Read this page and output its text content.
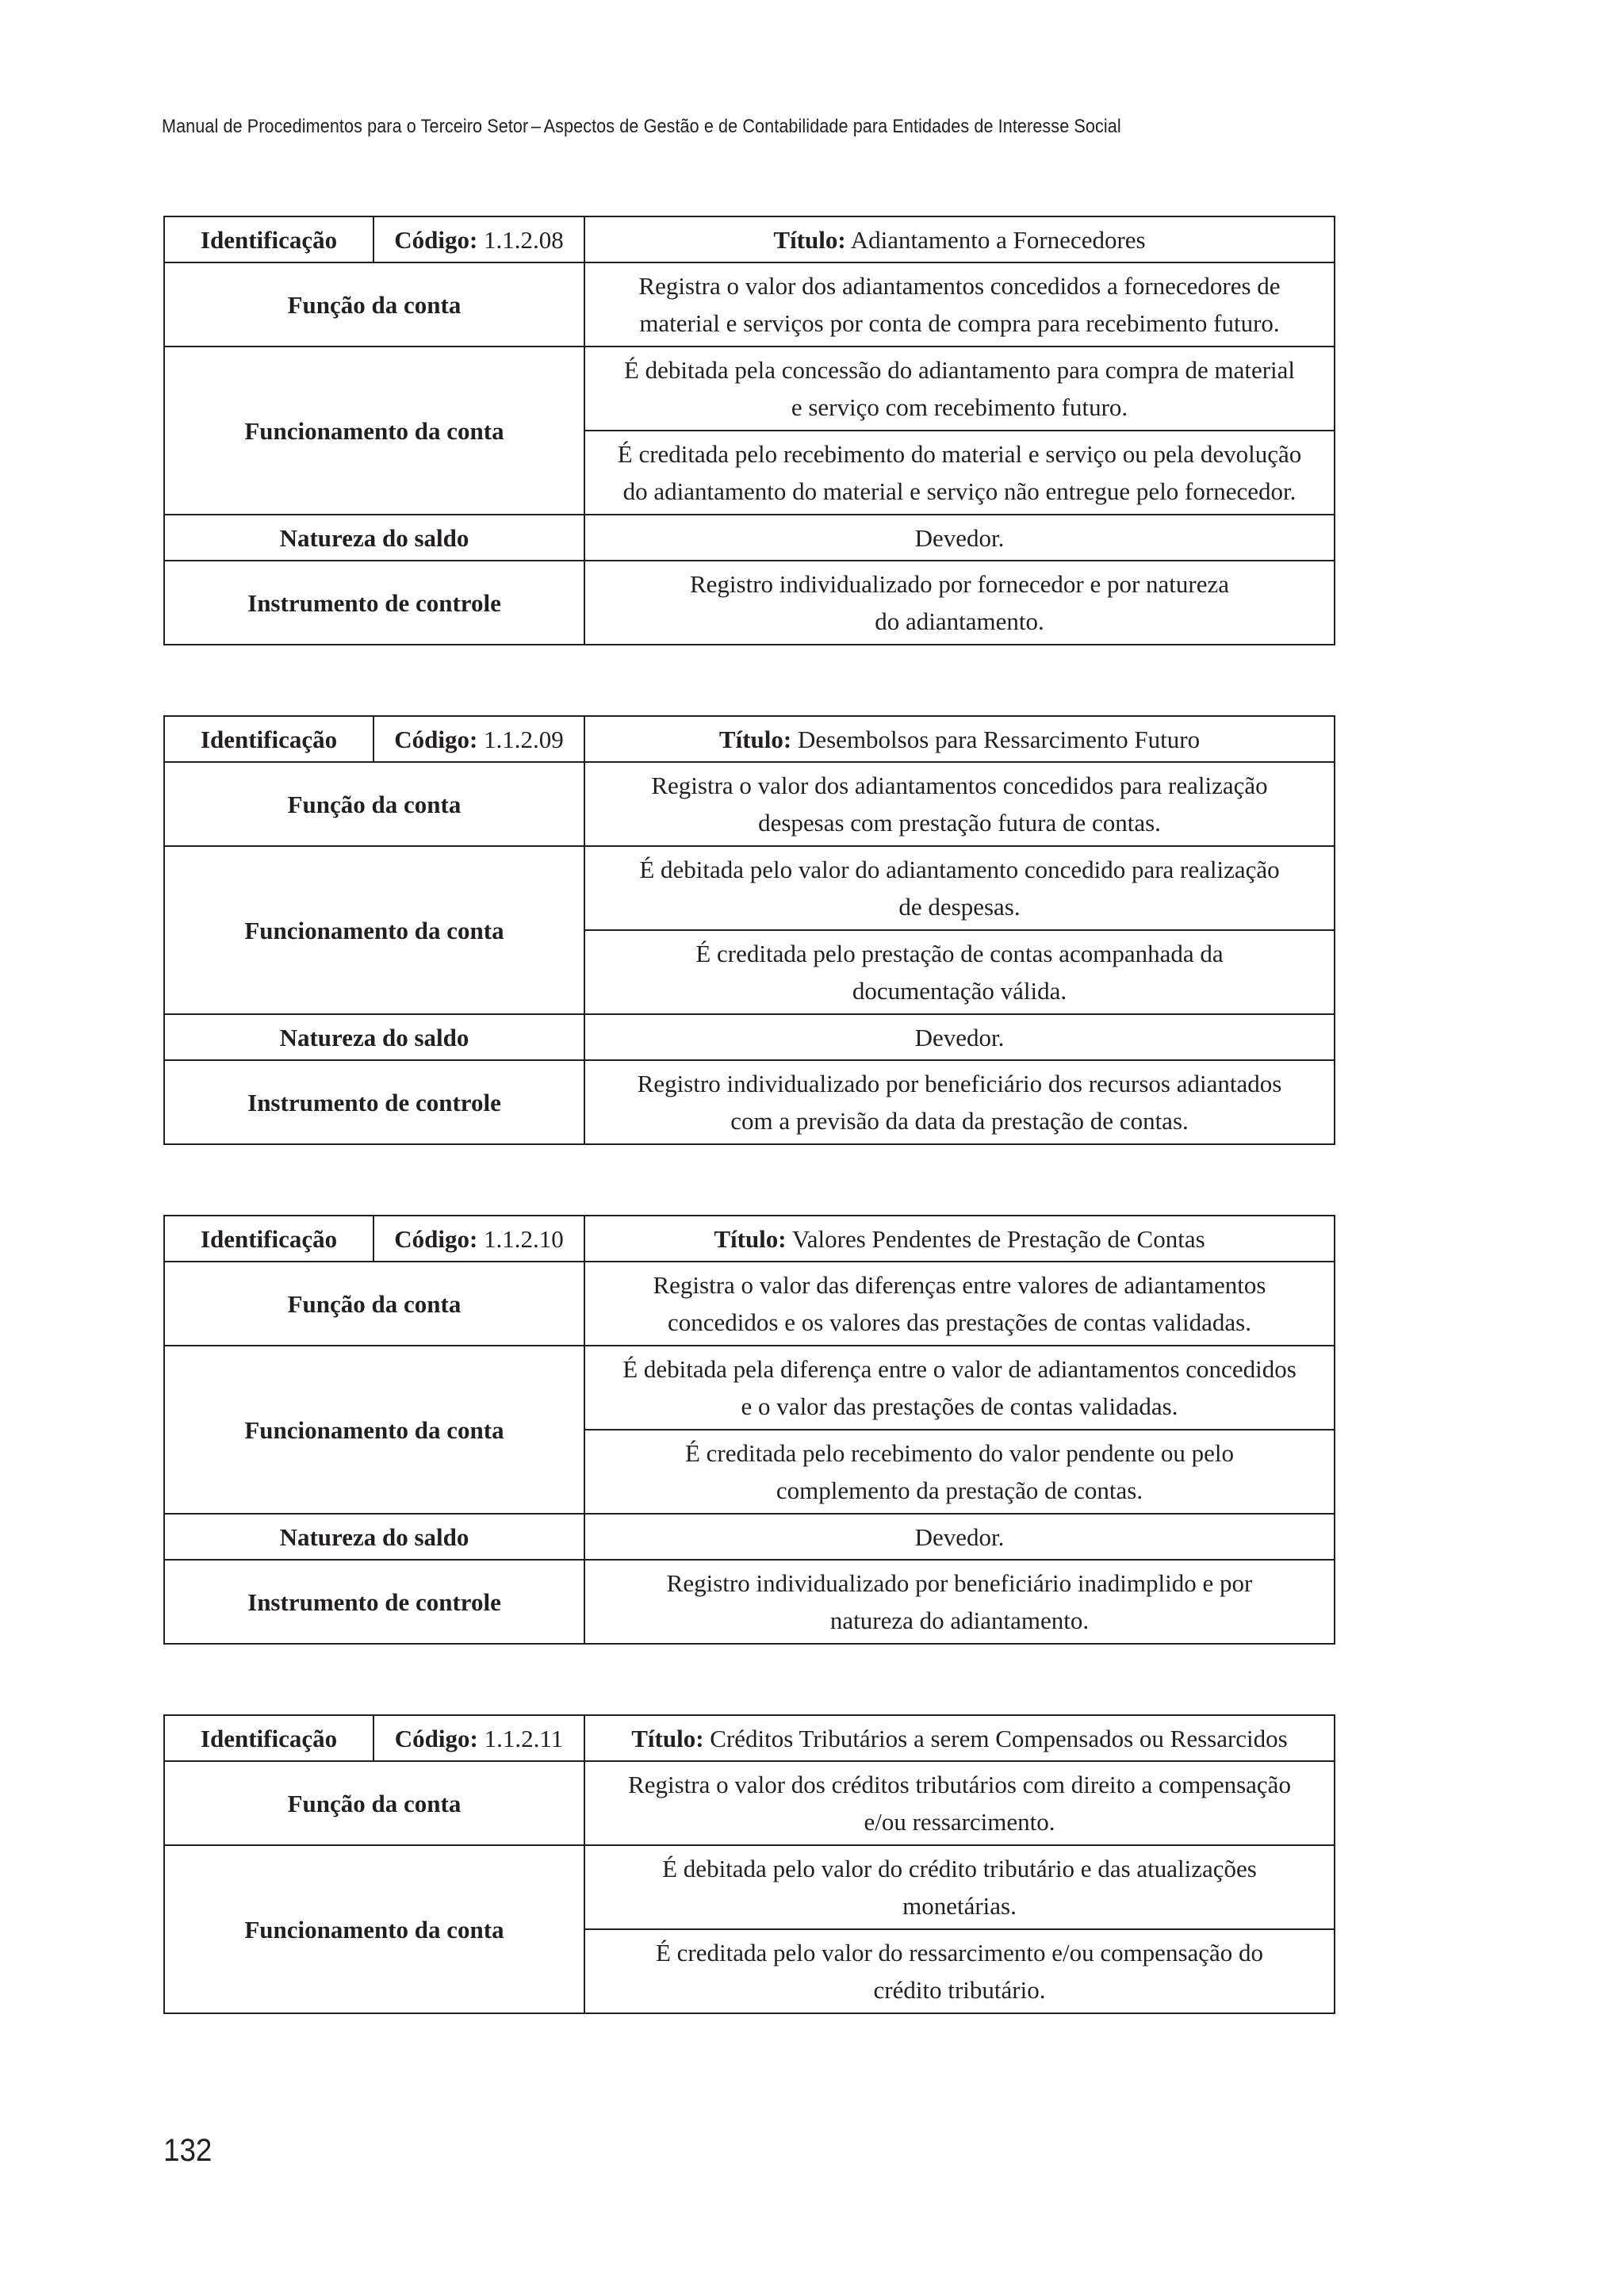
Manual de Procedimentos para o Terceiro Setor – Aspectos de Gestão e de Contabilidade para Entidades de Interesse Social
Identificação	Código: 1.1.2.08	Título: Adiantamento a Fornecedores
Função da conta		Registra o valor dos adiantamentos concedidos a fornecedores de
material e serviços por conta de compra para recebimento futuro.
Funcionamento da conta		É debitada pela concessão do adiantamento para compra de material
e serviço com recebimento futuro.
		É creditada pelo recebimento do material e serviço ou pela devolução
do adiantamento do material e serviço não entregue pelo fornecedor.
Natureza do saldo		Devedor.
Instrumento de controle		Registro individualizado por fornecedor e por natureza
do adiantamento.
Identificação	Código: 1.1.2.09	Título: Desembolsos para Ressarcimento Futuro
Função da conta		Registra o valor dos adiantamentos concedidos para realização
despesas com prestação futura de contas.
Funcionamento da conta		É debitada pelo valor do adiantamento concedido para realização
de despesas.
		É creditada pelo prestação de contas acompanhada da
documentação válida.
Natureza do saldo		Devedor.
Instrumento de controle		Registro individualizado por beneficiário dos recursos adiantados
com a previsão da data da prestação de contas.
Identificação	Código: 1.1.2.10	Título: Valores Pendentes de Prestação de Contas
Função da conta		Registra o valor das diferenças entre valores de adiantamentos
concedidos e os valores das prestações de contas validadas.
Funcionamento da conta		É debitada pela diferença entre o valor de adiantamentos concedidos
e o valor das prestações de contas validadas.
		É creditada pelo recebimento do valor pendente ou pelo
complemento da prestação de contas.
Natureza do saldo		Devedor.
Instrumento de controle		Registro individualizado por beneficiário inadimplido e por
natureza do adiantamento.
Identificação	Código: 1.1.2.11	Título: Créditos Tributários a serem Compensados ou Ressarcidos
Função da conta		Registra o valor dos créditos tributários com direito a compensação
e/ou ressarcimento.
Funcionamento da conta		É debitada pelo valor do crédito tributário e das atualizações
monetárias.
		É creditada pelo valor do ressarcimento e/ou compensação do
crédito tributário.
132
